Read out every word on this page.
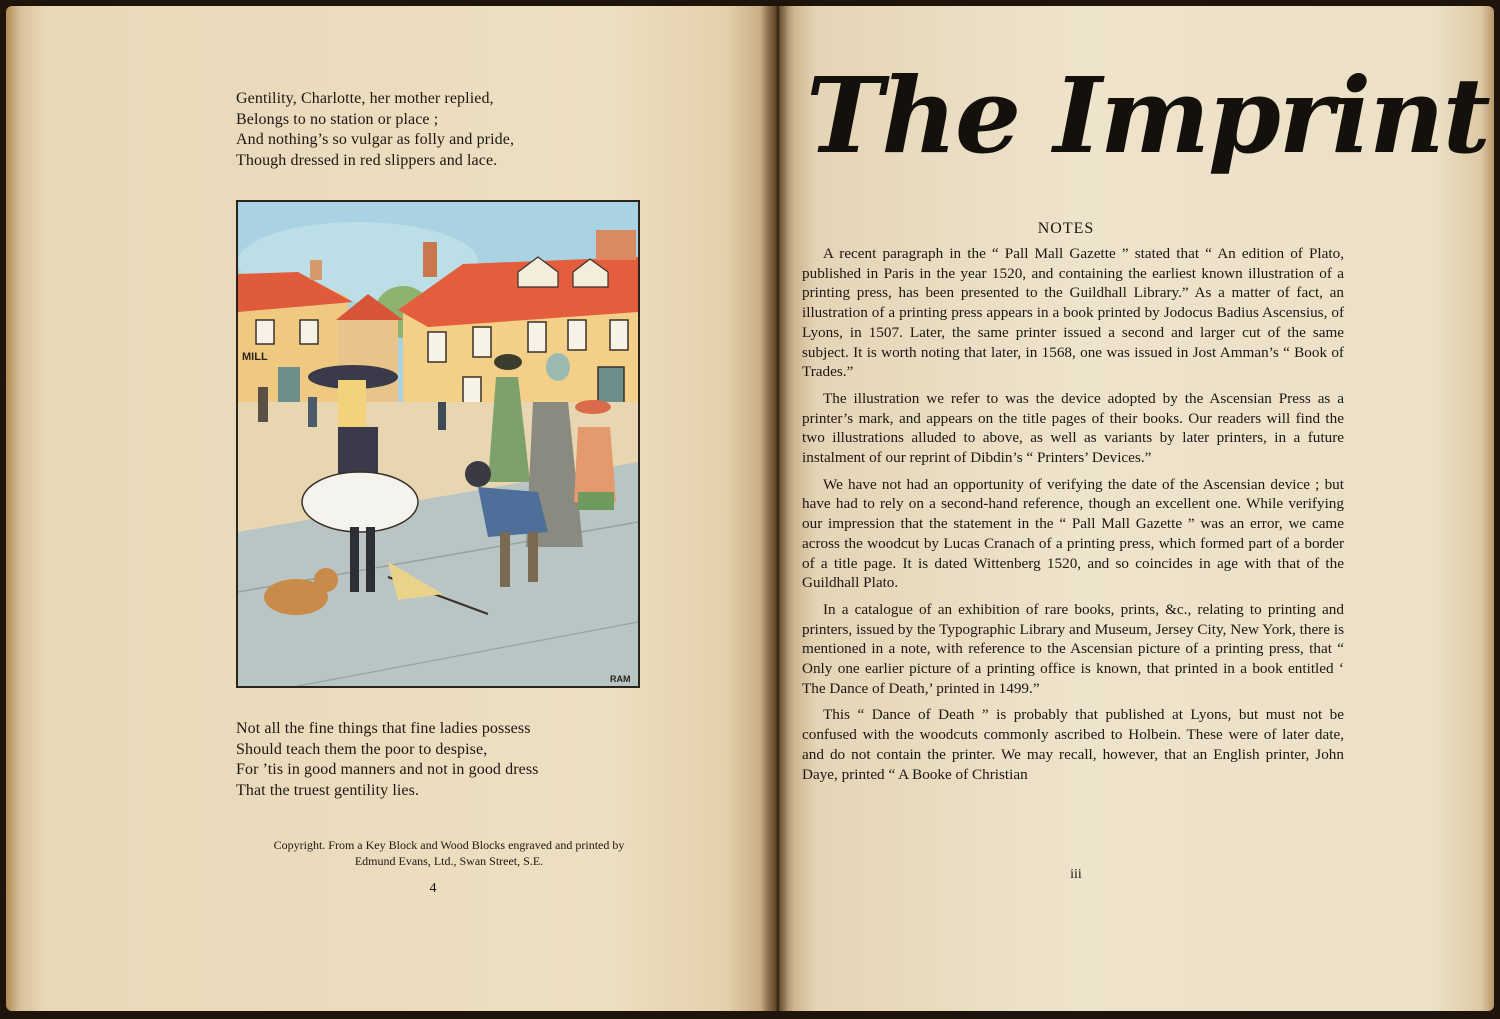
Gentility, Charlotte, her mother replied,
Belongs to no station or place ;
And nothing’s so vulgar as folly and pride,
Though dressed in red slippers and lace.
MILL
RAM
Not all the fine things that fine ladies possess
Should teach them the poor to despise,
For ’tis in good manners and not in good dress
That the truest gentility lies.
Copyright. From a Key Block and Wood Blocks engraved and printed by
Edmund Evans, Ltd., Swan Street, S.E.
4
The Imprint
NOTES

A recent paragraph in the “ Pall Mall Gazette ” stated that “ An edition of Plato, published in Paris in the year 1520, and containing the earliest known illustration of a printing press, has been presented to the Guildhall Library.” As a matter of fact, an illustration of a printing press appears in a book printed by Jodocus Badius Ascensius, of Lyons, in 1507. Later, the same printer issued a second and larger cut of the same subject. It is worth noting that later, in 1568, one was issued in Jost Amman’s “ Book of Trades.”

The illustration we refer to was the device adopted by the Ascensian Press as a printer’s mark, and appears on the title pages of their books. Our readers will find the two illustrations alluded to above, as well as variants by later printers, in a future instalment of our reprint of Dibdin’s “ Printers’ Devices.”

We have not had an opportunity of verifying the date of the Ascensian device ; but have had to rely on a second-hand reference, though an excellent one. While verifying our impression that the statement in the “ Pall Mall Gazette ” was an error, we came across the woodcut by Lucas Cranach of a printing press, which formed part of a border of a title page. It is dated Wittenberg 1520, and so coincides in age with that of the Guildhall Plato.

In a catalogue of an exhibition of rare books, prints, &c., relating to printing and printers, issued by the Typographic Library and Museum, Jersey City, New York, there is mentioned in a note, with reference to the Ascensian picture of a printing press, that “ Only one earlier picture of a printing office is known, that printed in a book entitled ‘ The Dance of Death,’ printed in 1499.”

This “ Dance of Death ” is probably that published at Lyons, but must not be confused with the woodcuts commonly ascribed to Holbein. These were of later date, and do not contain the printer. We may recall, however, that an English printer, John Daye, printed “ A Booke of Christian

iii
